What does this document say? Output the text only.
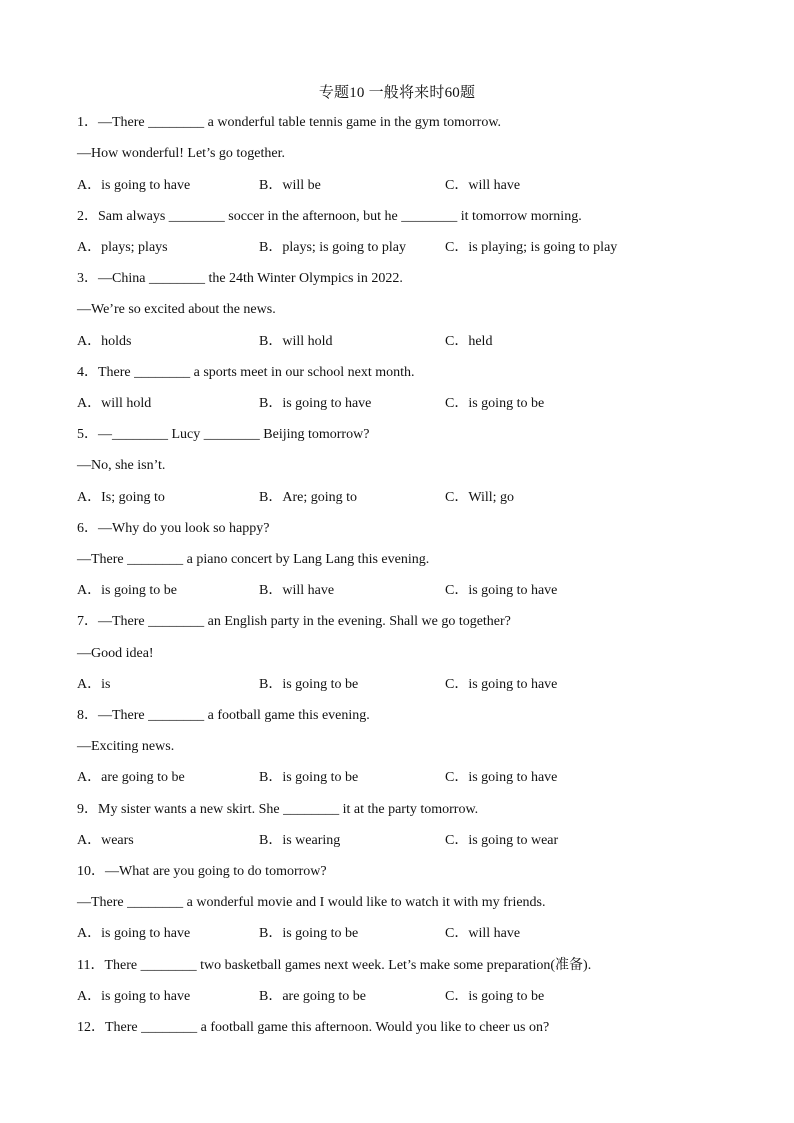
专题10 一般将来时60题
1．—There ________ a wonderful table tennis game in the gym tomorrow.
—How wonderful! Let’s go together.
A．is going to have	B．will be	C．will have
2．Sam always ________ soccer in the afternoon, but he ________ it tomorrow morning.
A．plays; plays	B．plays; is going to play	C．is playing; is going to play
3．—China ________ the 24th Winter Olympics in 2022.
—We’re so excited about the news.
A．holds	B．will hold	C．held
4．There ________ a sports meet in our school next month.
A．will hold	B．is going to have	C．is going to be
5．—________ Lucy ________ Beijing tomorrow?
—No, she isn’t.
A．Is; going to	B．Are; going to	C．Will; go
6．—Why do you look so happy?
—There ________ a piano concert by Lang Lang this evening.
A．is going to be	B．will have	C．is going to have
7．—There ________ an English party in the evening. Shall we go together?
—Good idea!
A．is	B．is going to be	C．is going to have
8．—There ________ a football game this evening.
—Exciting news.
A．are going to be	B．is going to be	C．is going to have
9．My sister wants a new skirt. She ________ it at the party tomorrow.
A．wears	B．is wearing	C．is going to wear
10．—What are you going to do tomorrow?
—There ________ a wonderful movie and I would like to watch it with my friends.
A．is going to have	B．is going to be	C．will have
11．There ________ two basketball games next week. Let’s make some preparation(准备).
A．is going to have	B．are going to be	C．is going to be
12．There ________ a football game this afternoon. Would you like to cheer us on?
